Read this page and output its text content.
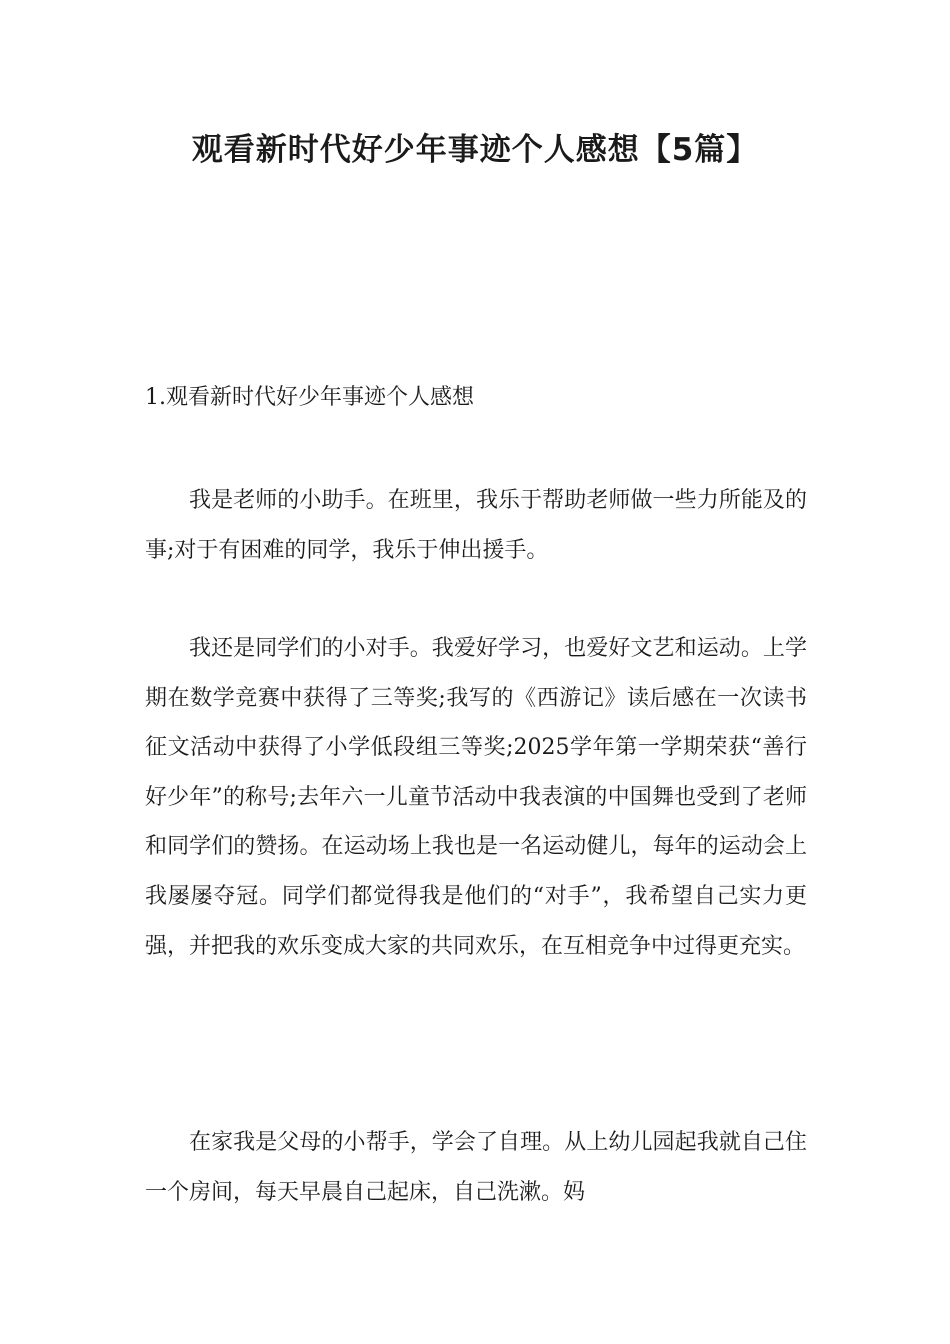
观看新时代好少年事迹个人感想【5篇】

1.观看新时代好少年事迹个人感想

我是老师的小助手。在班里，我乐于帮助老师做一些力所能及的事;对于有困难的同学，我乐于伸出援手。

我还是同学们的小对手。我爱好学习，也爱好文艺和运动。上学期在数学竞赛中获得了三等奖;我写的《西游记》读后感在一次读书征文活动中获得了小学低段组三等奖;2025学年第一学期荣获“善行好少年”的称号;去年六一儿童节活动中我表演的中国舞也受到了老师和同学们的赞扬。在运动场上我也是一名运动健儿，每年的运动会上我屡屡夺冠。同学们都觉得我是他们的“对手”，我希望自己实力更强，并把我的欢乐变成大家的共同欢乐，在互相竞争中过得更充实。

在家我是父母的小帮手，学会了自理。从上幼儿园起我就自己住一个房间，每天早晨自己起床，自己洗漱。妈
